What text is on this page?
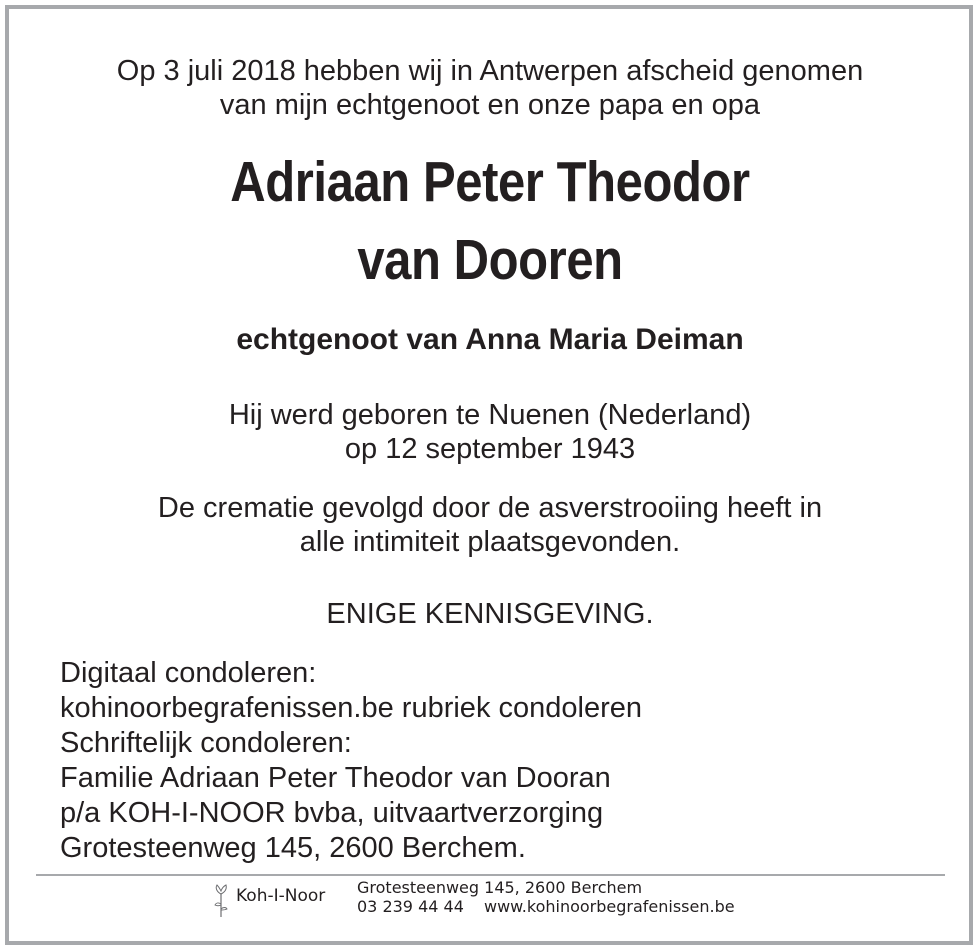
Op 3 juli 2018 hebben wij in Antwerpen afscheid genomen
van mijn echtgenoot en onze papa en opa
Adriaan Peter Theodor
van Dooren
echtgenoot van Anna Maria Deiman
Hij werd geboren te Nuenen (Nederland)
op 12 september 1943
De crematie gevolgd door de asverstrooiing heeft in
alle intimiteit plaatsgevonden.
ENIGE KENNISGEVING.
Digitaal condoleren:
kohinoorbegrafenissen.be rubriek condoleren
Schriftelijk condoleren:
Familie Adriaan Peter Theodor van Dooran
p/a KOH-I-NOOR bvba, uitvaartverzorging
Grotesteenweg 145, 2600 Berchem.
Koh-I-Noor Grotesteenweg 145, 2600 Berchem
03 239 44 44 www.kohinoorbegrafenissen.be
